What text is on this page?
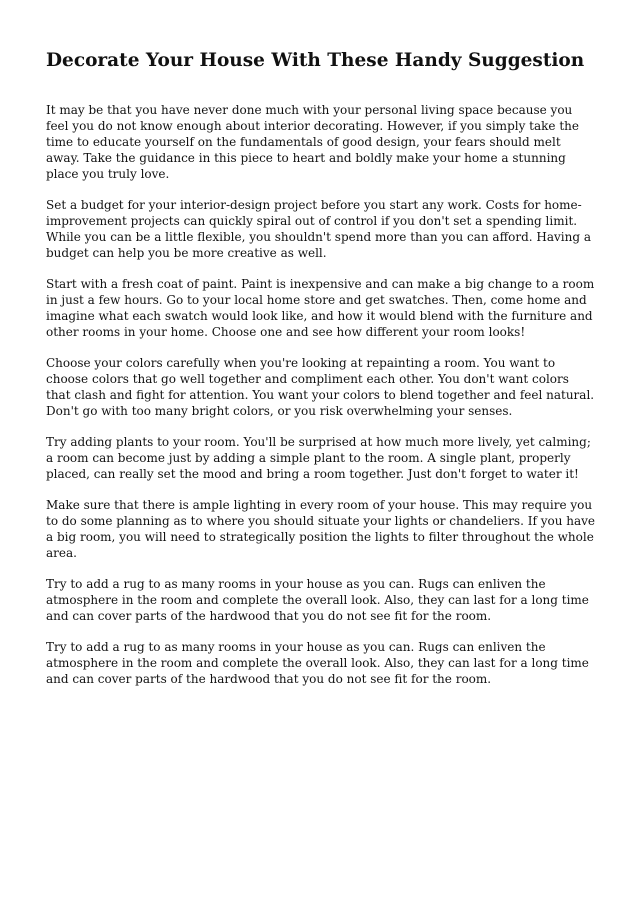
Decorate Your House With These Handy Suggestion

It may be that you have never done much with your personal living space because you feel you do not know enough about interior decorating. However, if you simply take the time to educate yourself on the fundamentals of good design, your fears should melt away. Take the guidance in this piece to heart and boldly make your home a stunning place you truly love.

Set a budget for your interior-design project before you start any work. Costs for home-improvement projects can quickly spiral out of control if you don't set a spending limit. While you can be a little flexible, you shouldn't spend more than you can afford. Having a budget can help you be more creative as well.

Start with a fresh coat of paint. Paint is inexpensive and can make a big change to a room in just a few hours. Go to your local home store and get swatches. Then, come home and imagine what each swatch would look like, and how it would blend with the furniture and other rooms in your home. Choose one and see how different your room looks!

Choose your colors carefully when you're looking at repainting a room. You want to choose colors that go well together and compliment each other. You don't want colors that clash and fight for attention. You want your colors to blend together and feel natural. Don't go with too many bright colors, or you risk overwhelming your senses.

Try adding plants to your room. You'll be surprised at how much more lively, yet calming; a room can become just by adding a simple plant to the room. A single plant, properly placed, can really set the mood and bring a room together. Just don't forget to water it!

Make sure that there is ample lighting in every room of your house. This may require you to do some planning as to where you should situate your lights or chandeliers. If you have a big room, you will need to strategically position the lights to filter throughout the whole area.

Try to add a rug to as many rooms in your house as you can. Rugs can enliven the atmosphere in the room and complete the overall look. Also, they can last for a long time and can cover parts of the hardwood that you do not see fit for the room.

Try to add a rug to as many rooms in your house as you can. Rugs can enliven the atmosphere in the room and complete the overall look. Also, they can last for a long time and can cover parts of the hardwood that you do not see fit for the room.
